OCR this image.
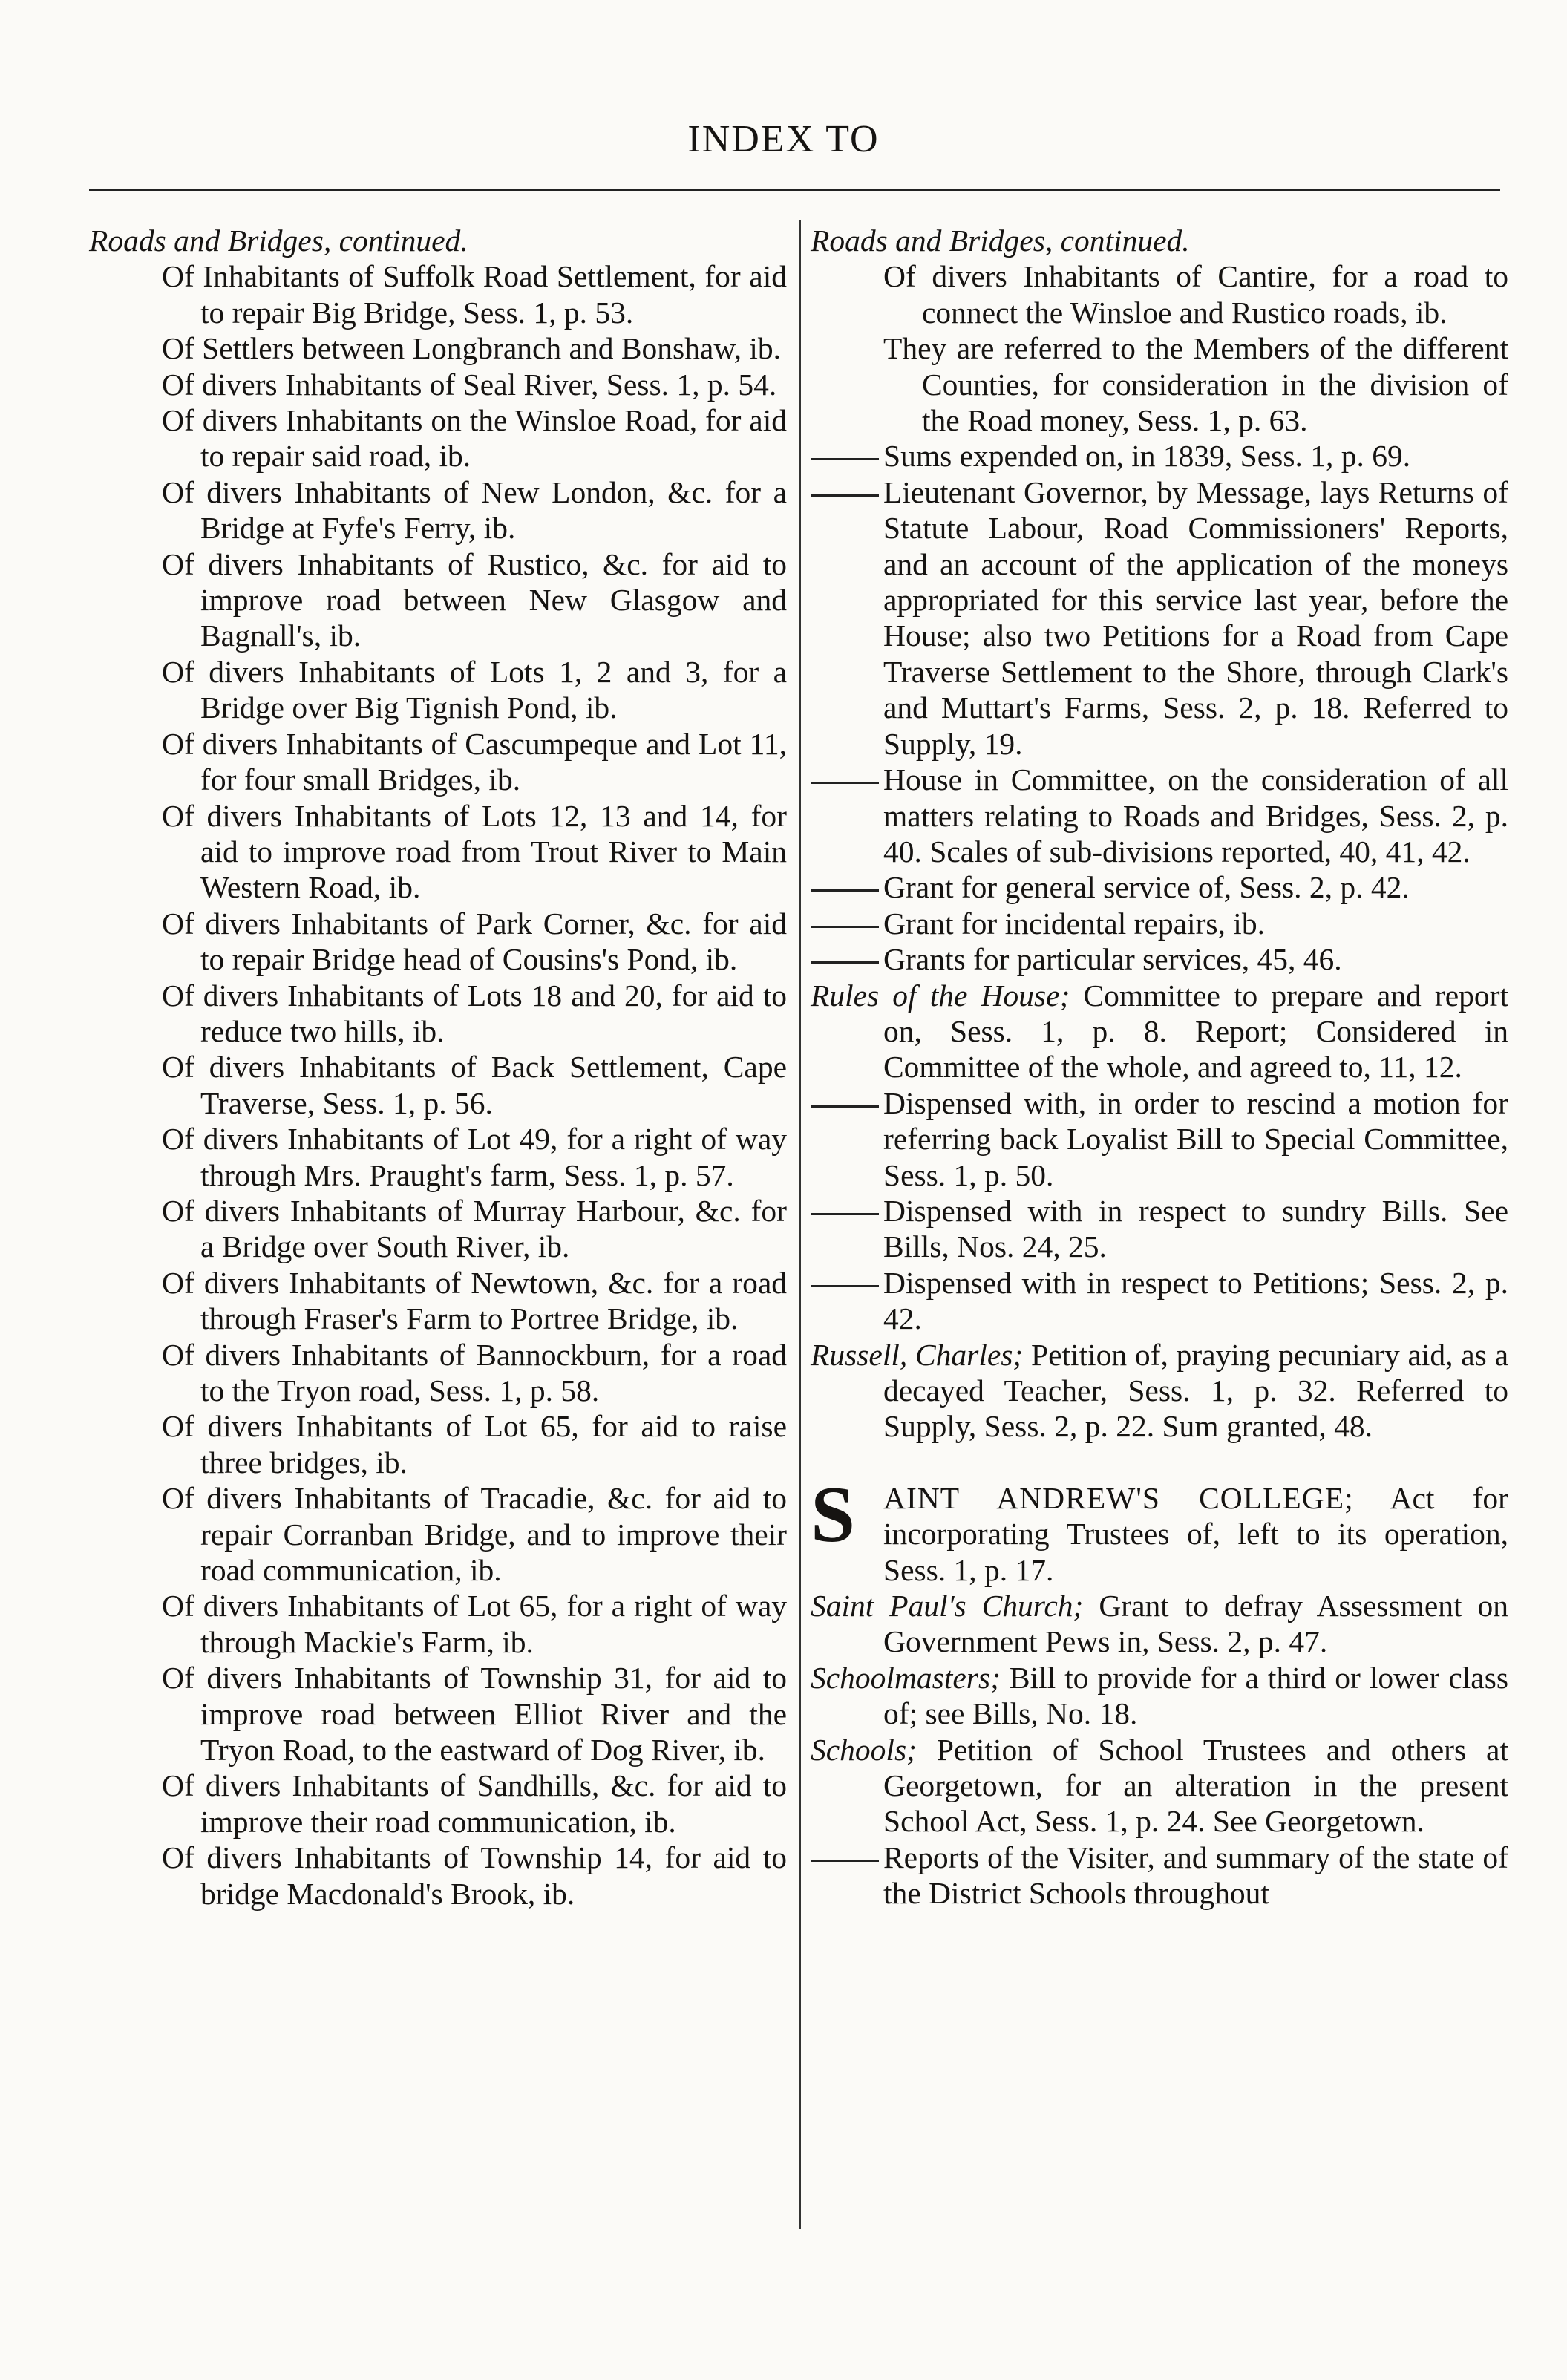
INDEX TO

Roads and Bridges, continued.

Of Inhabitants of Suffolk Road Settlement, for aid to repair Big Bridge, Sess. 1, p. 53.

Of Settlers between Longbranch and Bonshaw, ib.

Of divers Inhabitants of Seal River, Sess. 1, p. 54.

Of divers Inhabitants on the Winsloe Road, for aid to repair said road, ib.

Of divers Inhabitants of New London, &c. for a Bridge at Fyfe's Ferry, ib.

Of divers Inhabitants of Rustico, &c. for aid to improve road between New Glasgow and Bagnall's, ib.

Of divers Inhabitants of Lots 1, 2 and 3, for a Bridge over Big Tignish Pond, ib.

Of divers Inhabitants of Cascumpeque and Lot 11, for four small Bridges, ib.

Of divers Inhabitants of Lots 12, 13 and 14, for aid to improve road from Trout River to Main Western Road, ib.

Of divers Inhabitants of Park Corner, &c. for aid to repair Bridge head of Cousins's Pond, ib.

Of divers Inhabitants of Lots 18 and 20, for aid to reduce two hills, ib.

Of divers Inhabitants of Back Settlement, Cape Traverse, Sess. 1, p. 56.

Of divers Inhabitants of Lot 49, for a right of way through Mrs. Praught's farm, Sess. 1, p. 57.

Of divers Inhabitants of Murray Harbour, &c. for a Bridge over South River, ib.

Of divers Inhabitants of Newtown, &c. for a road through Fraser's Farm to Portree Bridge, ib.

Of divers Inhabitants of Bannockburn, for a road to the Tryon road, Sess. 1, p. 58.

Of divers Inhabitants of Lot 65, for aid to raise three bridges, ib.

Of divers Inhabitants of Tracadie, &c. for aid to repair Corranban Bridge, and to improve their road communication, ib.

Of divers Inhabitants of Lot 65, for a right of way through Mackie's Farm, ib.

Of divers Inhabitants of Township 31, for aid to improve road between Elliot River and the Tryon Road, to the eastward of Dog River, ib.

Of divers Inhabitants of Sandhills, &c. for aid to improve their road communication, ib.

Of divers Inhabitants of Township 14, for aid to bridge Macdonald's Brook, ib.

Roads and Bridges, continued.

Of divers Inhabitants of Cantire, for a road to connect the Winsloe and Rustico roads, ib.

They are referred to the Members of the different Counties, for consideration in the division of the Road money, Sess. 1, p. 63.

Sums expended on, in 1839, Sess. 1, p. 69.

Lieutenant Governor, by Message, lays Returns of Statute Labour, Road Commissioners' Reports, and an account of the application of the moneys appropriated for this service last year, before the House; also two Petitions for a Road from Cape Traverse Settlement to the Shore, through Clark's and Muttart's Farms, Sess. 2, p. 18. Referred to Supply, 19.

House in Committee, on the consideration of all matters relating to Roads and Bridges, Sess. 2, p. 40. Scales of sub-divisions reported, 40, 41, 42.

Grant for general service of, Sess. 2, p. 42.

Grant for incidental repairs, ib.

Grants for particular services, 45, 46.

Rules of the House; Committee to prepare and report on, Sess. 1, p. 8. Report; Considered in Committee of the whole, and agreed to, 11, 12.

Dispensed with, in order to rescind a motion for referring back Loyalist Bill to Special Committee, Sess. 1, p. 50.

Dispensed with in respect to sundry Bills. See Bills, Nos. 24, 25.

Dispensed with in respect to Petitions; Sess. 2, p. 42.

Russell, Charles; Petition of, praying pecuniary aid, as a decayed Teacher, Sess. 1, p. 32. Referred to Supply, Sess. 2, p. 22. Sum granted, 48.

S AINT ANDREW'S COLLEGE; Act for incorporating Trustees of, left to its operation, Sess. 1, p. 17.

Saint Paul's Church; Grant to defray Assessment on Government Pews in, Sess. 2, p. 47.

Schoolmasters; Bill to provide for a third or lower class of; see Bills, No. 18.

Schools; Petition of School Trustees and others at Georgetown, for an alteration in the present School Act, Sess. 1, p. 24. See Georgetown.

Reports of the Visiter, and summary of the state of the District Schools throughout
